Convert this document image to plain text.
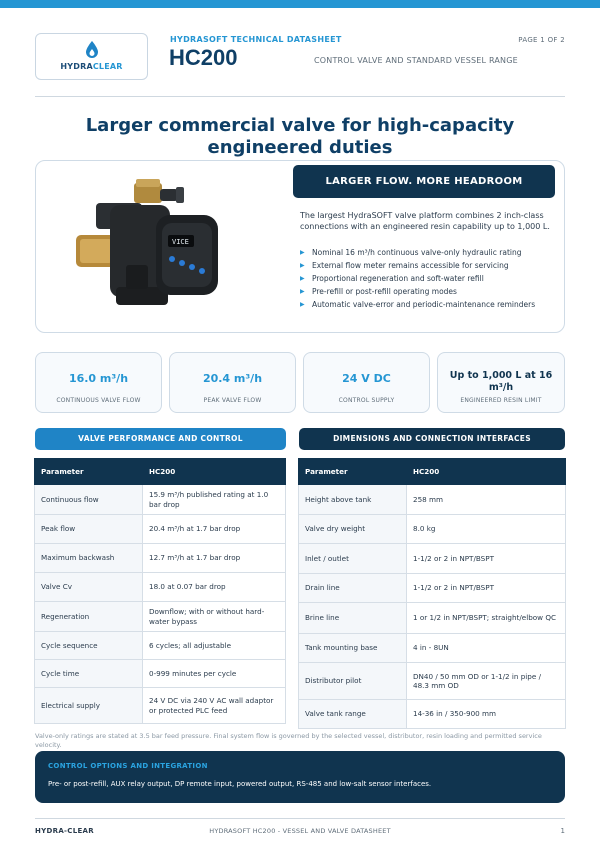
HYDRACLEAR
HYDRASOFT TECHNICAL DATASHEET
HC200	CONTROL VALVE AND STANDARD VESSEL RANGE
PAGE 1 OF 2
Larger commercial valve for high-capacity engineered duties
VICE
LARGER FLOW. MORE HEADROOM
The largest HydraSOFT valve platform combines 2 inch-class connections with an engineered resin capability up to 1,000 L.
▶ Nominal 16 m³/h continuous valve-only hydraulic rating
▶ External flow meter remains accessible for servicing
▶ Proportional regeneration and soft-water refill
▶ Pre-refill or post-refill operating modes
▶ Automatic valve-error and periodic-maintenance reminders
16.0 m³/h
CONTINUOUS VALVE FLOW
20.4 m³/h
PEAK VALVE FLOW
24 V DC
CONTROL SUPPLY
Up to 1,000 L at 16 m³/h
ENGINEERED RESIN LIMIT
VALVE PERFORMANCE AND CONTROL	DIMENSIONS AND CONNECTION INTERFACES
Parameter	HC200
Continuous flow	15.9 m³/h published rating at 1.0 bar drop
Peak flow	20.4 m³/h at 1.7 bar drop
Maximum backwash	12.7 m³/h at 1.7 bar drop
Valve Cv	18.0 at 0.07 bar drop
Regeneration	Downflow; with or without hard-water bypass
Cycle sequence	6 cycles; all adjustable
Cycle time	0-999 minutes per cycle
Electrical supply	24 V DC via 240 V AC wall adaptor or protected PLC feed
Parameter	HC200
Height above tank	258 mm
Valve dry weight	8.0 kg
Inlet / outlet	1-1/2 or 2 in NPT/BSPT
Drain line	1-1/2 or 2 in NPT/BSPT
Brine line	1 or 1/2 in NPT/BSPT; straight/elbow QC
Tank mounting base	4 in - 8UN
Distributor pilot	DN40 / 50 mm OD or 1-1/2 in pipe / 48.3 mm OD
Valve tank range	14-36 in / 350-900 mm
Valve-only ratings are stated at 3.5 bar feed pressure. Final system flow is governed by the selected vessel, distributor, resin loading and permitted service velocity.
CONTROL OPTIONS AND INTEGRATION
Pre- or post-refill, AUX relay output, DP remote input, powered output, RS-485 and low-salt sensor interfaces.
HYDRA-CLEAR	HYDRASOFT HC200 - VESSEL AND VALVE DATASHEET	1
